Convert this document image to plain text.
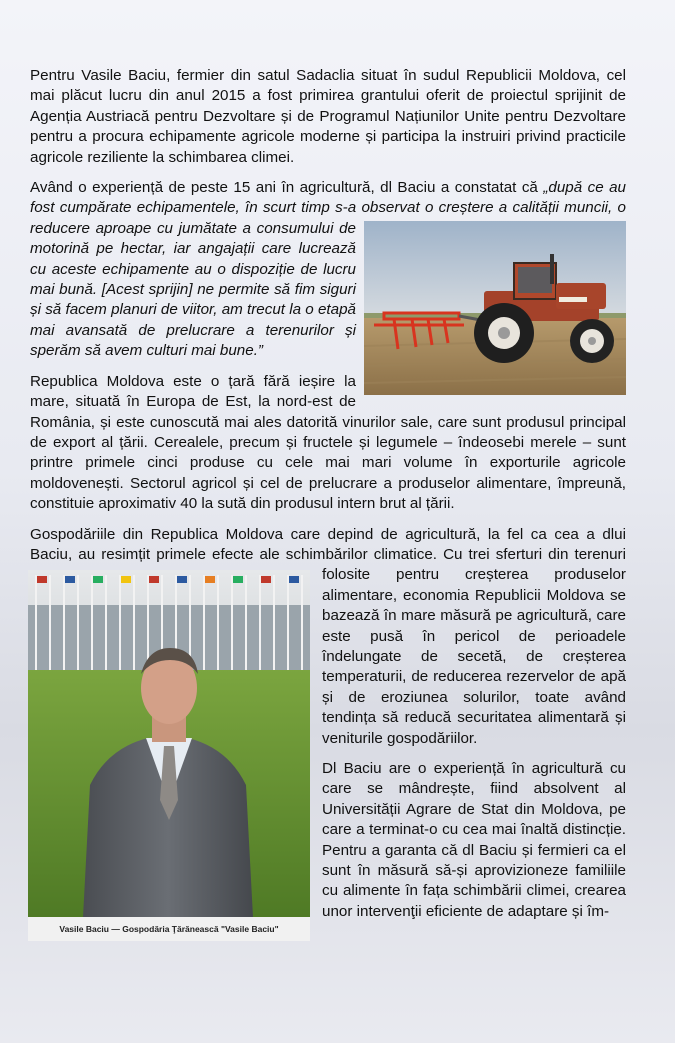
Pentru Vasile Baciu, fermier din satul Sadaclia situat în sudul Republicii Moldova, cel mai plăcut lucru din anul 2015 a fost primirea grantului oferit de proiectul sprijinit de Agenția Austriacă pentru Dezvoltare și de Programul Națiunilor Unite pentru Dezvoltare pentru a procura echipamente agricole moderne și participa la instruiri privind practicile agricole reziliente la schimbarea climei.

Având o experiență de peste 15 ani în agricultură, dl Baciu a constatat că „după ce au fost cumpărate echipamentele, în scurt timp s-a observat o creștere a calității muncii, o reducere aproape cu jumătate a consumului de
motorină pe hectar, iar angajații care lucrează cu aceste echipamente au o dispoziție de lucru mai bună. [Acest sprijin] ne permite să fim siguri și să facem planuri de viitor, am trecut la o etapă mai avansată de prelucrare a terenurilor și sperăm să avem culturi mai bune.”

Republica Moldova este o țară fără ieșire la mare, situată în Europa de Est, la nord-est de România, și este cunoscută mai ales datorită vinurilor sale, care sunt produsul principal de export al țării. Cerealele, precum și fructele și legumele – îndeosebi merele – sunt printre primele cinci produse cu cele mai mari volume în exporturile agricole moldovenești. Sectorul agricol și cel de prelucrare a produselor alimentare, împreună, constituie aproximativ 40 la sută din produsul intern brut al țării.

Gospodăriile din Republica Moldova care depind de agricultură, la fel ca cea a dlui Baciu, au resimțit primele efecte ale schimbărilor climatice. Cu trei
Vasile Baciu — Gospodăria Ţărănească "Vasile Baciu"
sferturi din terenuri folosite pentru creșterea produselor alimentare, economia Republicii Moldova se bazează în mare măsură pe agricultură, care este pusă în pericol de perioadele îndelungate de secetă, de creșterea temperaturii, de reducerea rezervelor de apă și de eroziunea solurilor, toate având tendința să reducă securitatea alimentară și veniturile gospodăriilor.

Dl Baciu are o experiență în agricultură cu care se mândrește, fiind absolvent al Universității Agrare de Stat din Moldova, pe care a terminat-o cu cea mai înaltă distincție. Pentru a garanta că dl Baciu și fermieri ca el sunt în măsură să-și aprovizioneze familiile cu alimente în fața schimbării climei, crearea unor intervenţii eficiente de adaptare și îm-
